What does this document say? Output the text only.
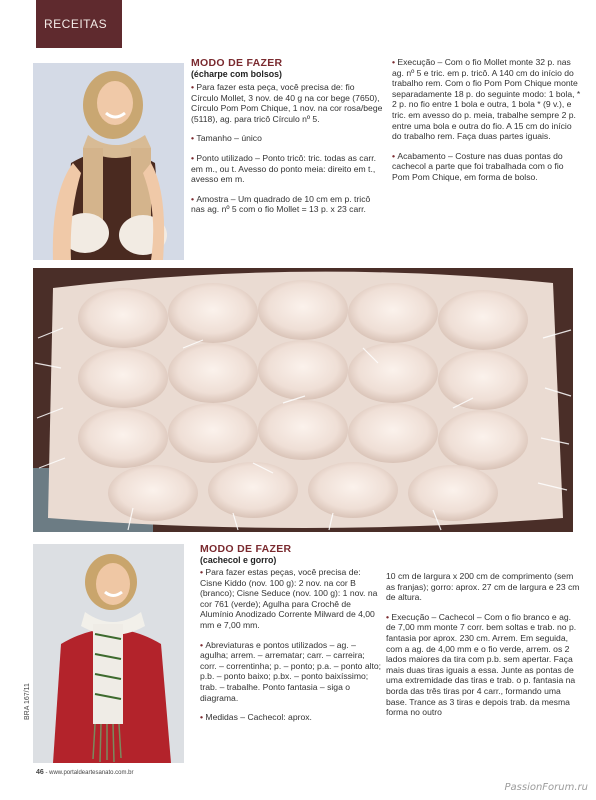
RECEITAS
MODO DE FAZER
(écharpe com bolsos)

• Para fazer esta peça, você precisa de: fio Círculo Mollet, 3 nov. de 40 g na cor bege (7650), Círculo Pom Pom Chique, 1 nov. na cor rosa/bege (5118), ag. para tricô Círculo nº 5.

• Tamanho – único

• Ponto utilizado – Ponto tricô: tric. todas as carr. em m., ou t. Avesso do ponto meia: direito em t., avesso em m.

• Amostra – Um quadrado de 10 cm em p. tricô nas ag. nº 5 com o fio Mollet = 13 p. x 23 carr.

• Execução – Com o fio Mollet monte 32 p. nas ag. nº 5 e tric. em p. tricô. A 140 cm do início do trabalho rem. Com o fio Pom Pom Chique monte separadamente 18 p. do seguinte modo: 1 bola, * 2 p. no fio entre 1 bola e outra, 1 bola * (9 v.), e tric. em avesso do p. meia, trabalhe sempre 2 p. entre uma bola e outra do fio. A 15 cm do início do trabalho rem. Faça duas partes iguais.

• Acabamento – Costure nas duas pontas do cachecol a parte que foi trabalhada com o fio Pom Pom Chique, em forma de bolso.

MODO DE FAZER
(cachecol e gorro)

• Para fazer estas peças, você precisa de: Cisne Kiddo (nov. 100 g): 2 nov. na cor B (branco); Cisne Seduce (nov. 100 g): 1 nov. na cor 761 (verde); Agulha para Crochê de Alumínio Anodizado Corrente Milward de 4,00 mm e 7,00 mm.

• Abreviaturas e pontos utilizados – ag. – agulha; arrem. – arrematar; carr. – carreira; corr. – correntinha; p. – ponto; p.a. – ponto alto; p.b. – ponto baixo; p.bx. – ponto baixíssimo; trab. – trabalhe. Ponto fantasia – siga o diagrama.

• Medidas – Cachecol: aprox.

10 cm de largura x 200 cm de comprimento (sem as franjas); gorro: aprox. 27 cm de largura e 23 cm de altura.

• Execução – Cachecol – Com o fio branco e ag. de 7,00 mm monte 7 corr. bem soltas e trab. no p. fantasia por aprox. 230 cm. Arrem. Em seguida, com a ag. de 4,00 mm e o fio verde, arrem. os 2 lados maiores da tira com p.b. sem apertar. Faça mais duas tiras iguais a essa. Junte as pontas de uma extremidade das tiras e trab. o p. fantasia na borda das três tiras por 4 carr., formando uma base. Trance as 3 tiras e depois trab. da mesma forma no outro

BRA 167/11
46 - www.portaldeartesanato.com.br
PassionForum.ru
